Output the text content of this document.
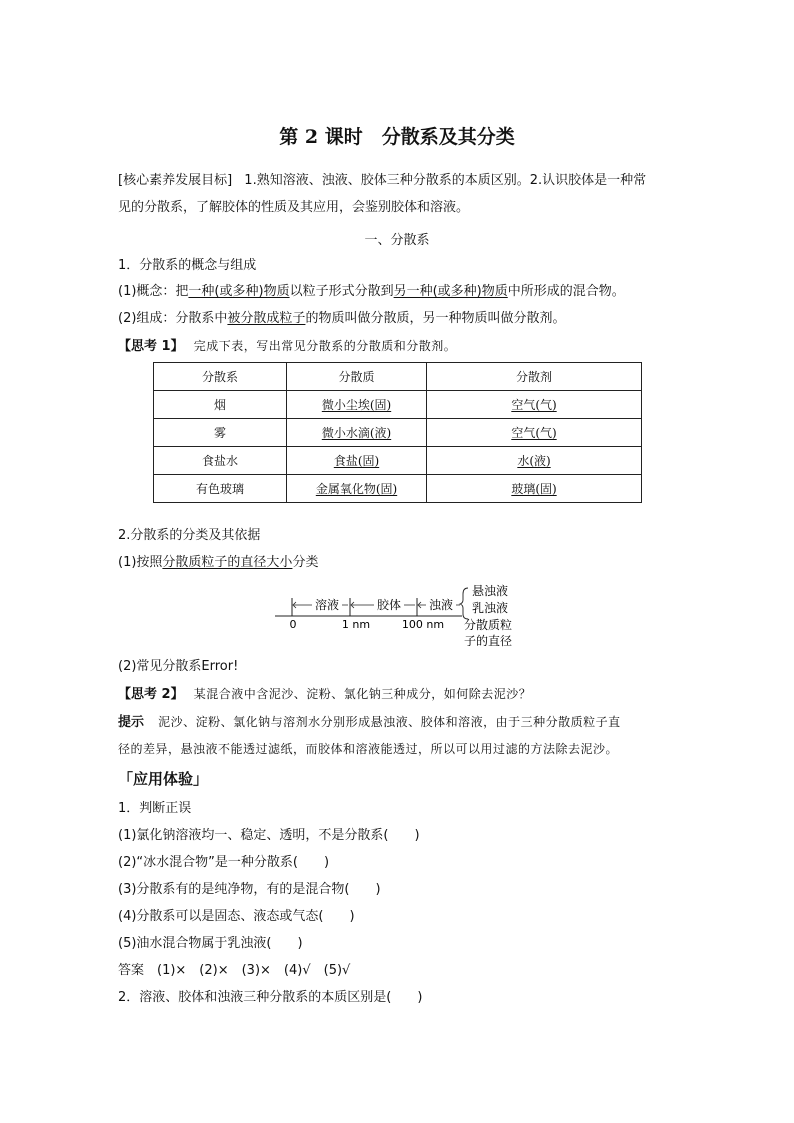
第 2 课时　分散系及其分类
[核心素养发展目标] 1.熟知溶液、浊液、胶体三种分散系的本质区别。2.认识胶体是一种常
见的分散系，了解胶体的性质及其应用，会鉴别胶体和溶液。
一、分散系
1．分散系的概念与组成
(1)概念：把一种(或多种)物质以粒子形式分散到另一种(或多种)物质中所形成的混合物。
(2)组成：分散系中被分散成粒子的物质叫做分散质，另一种物质叫做分散剂。
【思考 1】 完成下表，写出常见分散系的分散质和分散剂。
分散系	分散质	分散剂
烟	微小尘埃(固)	空气(气)
雾	微小水滴(液)	空气(气)
食盐水	食盐(固)	水(液)
有色玻璃	金属氧化物(固)	玻璃(固)
2.分散系的分类及其依据
(1)按照分散质粒子的直径大小分类
溶液	胶体 浊液
悬浊液
乳浊液
0	1 nm	100 nm 分散质粒
子的直径
(2)常见分散系Error!
【思考 2】 某混合液中含泥沙、淀粉、氯化钠三种成分，如何除去泥沙？
提示 泥沙、淀粉、氯化钠与溶剂水分别形成悬浊液、胶体和溶液，由于三种分散质粒子直
径的差异，悬浊液不能透过滤纸，而胶体和溶液能透过，所以可以用过滤的方法除去泥沙。
「应用体验」
1．判断正误
(1)氯化钠溶液均一、稳定、透明，不是分散系(　　)
(2)“冰水混合物”是一种分散系(　　)
(3)分散系有的是纯净物，有的是混合物(　　)
(4)分散系可以是固态、液态或气态(　　)
(5)油水混合物属于乳浊液(　　)
答案　(1)×　(2)×　(3)×　(4)√　(5)√
2．溶液、胶体和浊液三种分散系的本质区别是(　　)
